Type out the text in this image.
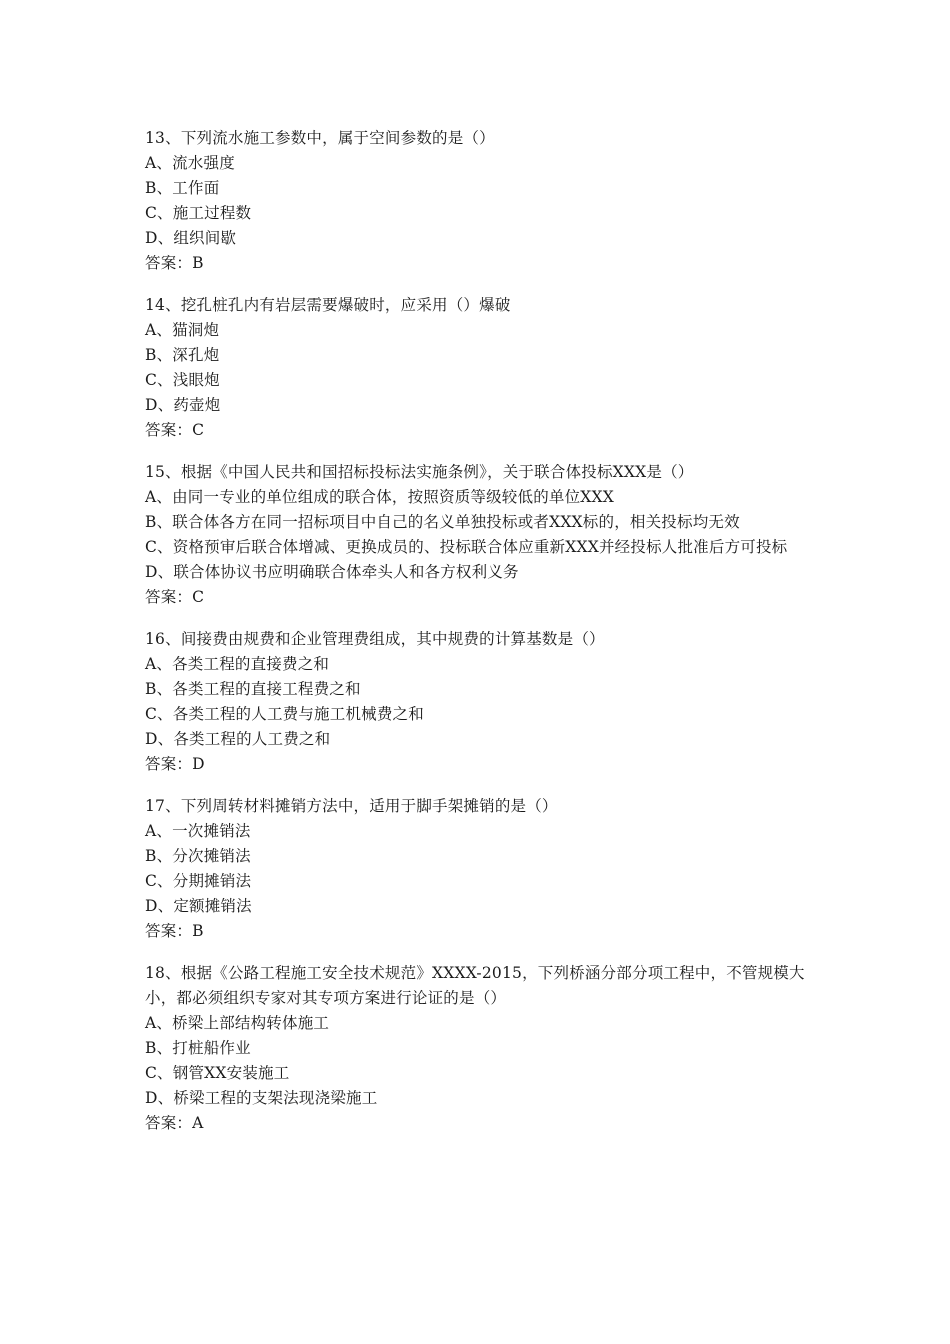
13、下列流水施工参数中，属于空间参数的是（）
A、流水强度
B、工作面
C、施工过程数
D、组织间歇
答案：B
14、挖孔桩孔内有岩层需要爆破时，应采用（）爆破
A、猫洞炮
B、深孔炮
C、浅眼炮
D、药壶炮
答案：C
15、根据《中国人民共和国招标投标法实施条例》，关于联合体投标XXX是（）
A、由同一专业的单位组成的联合体，按照资质等级较低的单位XXX
B、联合体各方在同一招标项目中自己的名义单独投标或者XXX标的，相关投标均无效
C、资格预审后联合体增减、更换成员的、投标联合体应重新XXX并经投标人批准后方可投标
D、联合体协议书应明确联合体牵头人和各方权利义务
答案：C
16、间接费由规费和企业管理费组成，其中规费的计算基数是（）
A、各类工程的直接费之和
B、各类工程的直接工程费之和
C、各类工程的人工费与施工机械费之和
D、各类工程的人工费之和
答案：D
17、下列周转材料摊销方法中，适用于脚手架摊销的是（）
A、一次摊销法
B、分次摊销法
C、分期摊销法
D、定额摊销法
答案：B
18、根据《公路工程施工安全技术规范》XXXX-2015，下列桥涵分部分项工程中，不管规模大小，都必须组织专家对其专项方案进行论证的是（）
A、桥梁上部结构转体施工
B、打桩船作业
C、钢管XX安装施工
D、桥梁工程的支架法现浇梁施工
答案：A
